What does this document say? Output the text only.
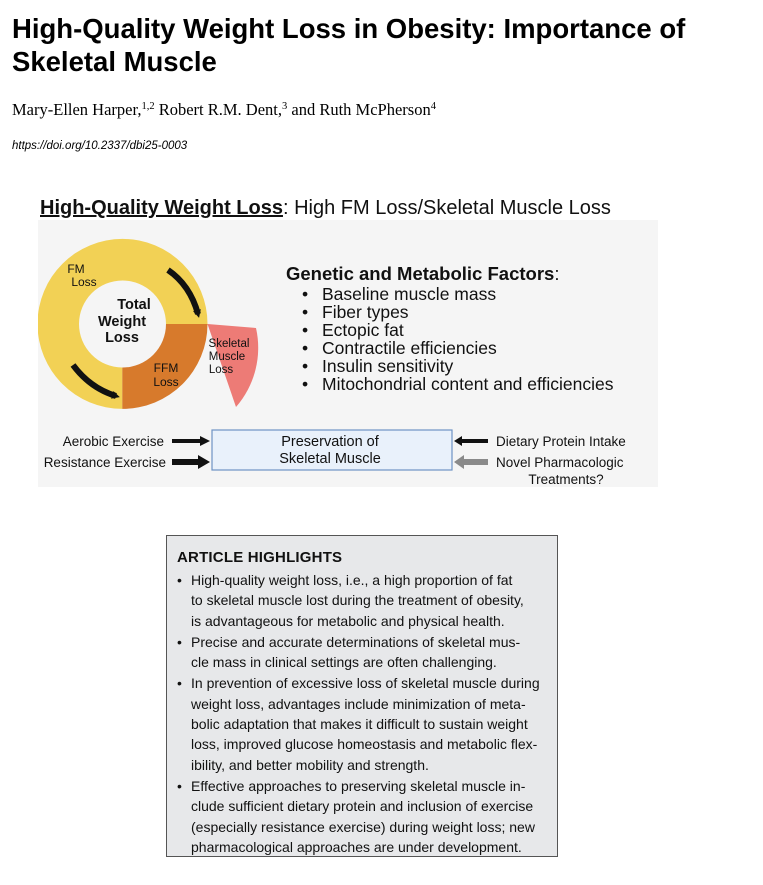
High-Quality Weight Loss in Obesity: Importance of Skeletal Muscle

Mary-Ellen Harper,$^{1,2}$ Robert R.M. Dent,$^3$ and Ruth McPherson$^4$

https://doi.org/10.2337/dbi25-0003

High-Quality Weight Loss: High FM Loss/Skeletal Muscle Loss
Total
Weight
Loss
FM
Loss
FFM
Loss
Skeletal
Muscle
Loss
Genetic and Metabolic Factors:
• Baseline muscle mass
• Fiber types
• Ectopic fat
• Contractile efficiencies
• Insulin sensitivity
• Mitochondrial content and efficiencies
Preservation of
Skeletal Muscle
Aerobic Exercise
Resistance Exercise
Dietary Protein Intake
Novel Pharmacologic
Treatments?

ARTICLE HIGHLIGHTS

• High-quality weight loss, i.e., a high proportion of fat
to skeletal muscle lost during the treatment of obesity,
is advantageous for metabolic and physical health.
• Precise and accurate determinations of skeletal mus-
cle mass in clinical settings are often challenging.
• In prevention of excessive loss of skeletal muscle during
weight loss, advantages include minimization of meta-
bolic adaptation that makes it difficult to sustain weight
loss, improved glucose homeostasis and metabolic flex-
ibility, and better mobility and strength.
• Effective approaches to preserving skeletal muscle in-
clude sufficient dietary protein and inclusion of exercise
(especially resistance exercise) during weight loss; new
pharmacological approaches are under development.
